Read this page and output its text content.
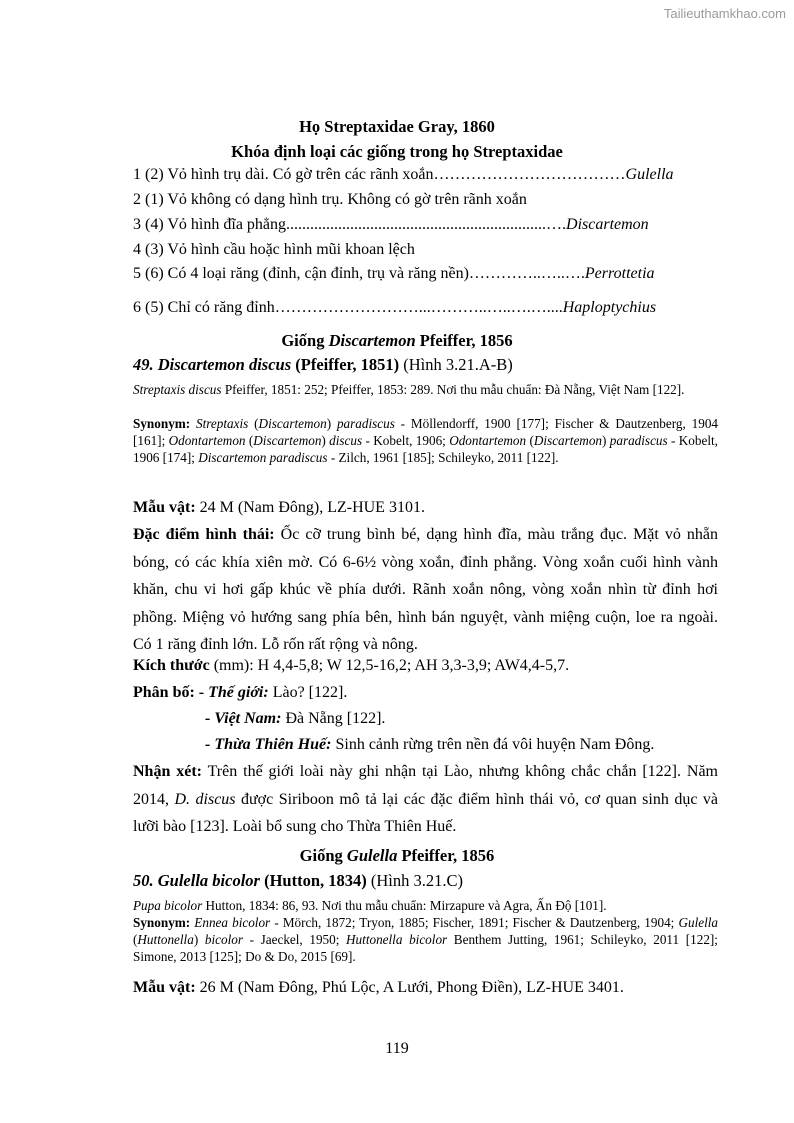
Tailieuthamkhao.com
Họ Streptaxidae Gray, 1860
Khóa định loại các giống trong họ Streptaxidae
1 (2) Vỏ hình trụ dài. Có gờ trên các rãnh xoắn………………………………Gulella
2 (1) Vỏ không có dạng hình trụ. Không có gờ trên rãnh xoắn
3 (4) Vỏ hình đĩa phẳng.................................................................….Discartemon
4 (3) Vỏ hình cầu hoặc hình mũi khoan lệch
5 (6) Có 4 loại răng (đỉnh, cận đỉnh, trụ và răng nền)…………..…..….Perrottetia
6 (5) Chỉ có răng đỉnh………………………...………..…..….…....Haploptychius
Giống Discartemon Pfeiffer, 1856
49. Discartemon discus (Pfeiffer, 1851) (Hình 3.21.A-B)
Streptaxis discus Pfeiffer, 1851: 252; Pfeiffer, 1853: 289. Nơi thu mẫu chuẩn: Đà Nẵng, Việt Nam [122].
Synonym: Streptaxis (Discartemon) paradiscus - Möllendorff, 1900 [177]; Fischer & Dautzenberg, 1904 [161]; Odontartemon (Discartemon) discus - Kobelt, 1906; Odontartemon (Discartemon) paradiscus - Kobelt, 1906 [174]; Discartemon paradiscus - Zilch, 1961 [185]; Schileyko, 2011 [122].
Mẫu vật: 24 M (Nam Đông), LZ-HUE 3101.
Đặc điểm hình thái: Ốc cỡ trung bình bé, dạng hình đĩa, màu trắng đục. Mặt vỏ nhẵn bóng, có các khía xiên mờ. Có 6-6½ vòng xoắn, đỉnh phẳng. Vòng xoắn cuối hình vành khăn, chu vi hơi gấp khúc về phía dưới. Rãnh xoắn nông, vòng xoắn nhìn từ đỉnh hơi phồng. Miệng vỏ hướng sang phía bên, hình bán nguyệt, vành miệng cuộn, loe ra ngoài. Có 1 răng đỉnh lớn. Lỗ rốn rất rộng và nông.
Kích thước (mm): H 4,4-5,8; W 12,5-16,2; AH 3,3-3,9; AW4,4-5,7.
Phân bố: - Thế giới: Lào? [122].
- Việt Nam: Đà Nẵng [122].
- Thừa Thiên Huế: Sinh cảnh rừng trên nền đá vôi huyện Nam Đông.
Nhận xét: Trên thế giới loài này ghi nhận tại Lào, nhưng không chắc chắn [122]. Năm 2014, D. discus được Siriboon mô tả lại các đặc điểm hình thái vỏ, cơ quan sinh dục và lưỡi bào [123]. Loài bổ sung cho Thừa Thiên Huế.
Giống Gulella Pfeiffer, 1856
50. Gulella bicolor (Hutton, 1834) (Hình 3.21.C)
Pupa bicolor Hutton, 1834: 86, 93. Nơi thu mẫu chuẩn: Mirzapure và Agra, Ấn Độ [101].
Synonym: Ennea bicolor - Mörch, 1872; Tryon, 1885; Fischer, 1891; Fischer & Dautzenberg, 1904; Gulella (Huttonella) bicolor - Jaeckel, 1950; Huttonella bicolor Benthem Jutting, 1961; Schileyko, 2011 [122]; Simone, 2013 [125]; Do & Do, 2015 [69].
Mẫu vật: 26 M (Nam Đông, Phú Lộc, A Lưới, Phong Điền), LZ-HUE 3401.
119
